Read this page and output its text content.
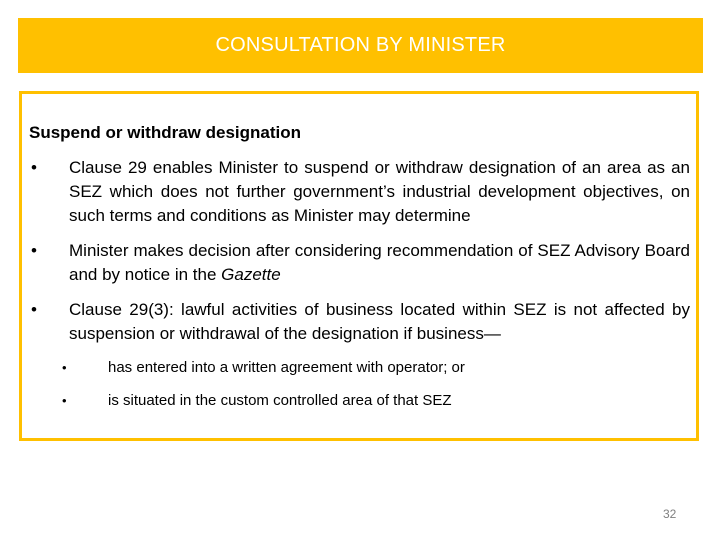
CONSULTATION BY MINISTER
Suspend or withdraw designation
• Clause 29 enables Minister to suspend or withdraw designation of an area as an SEZ which does not further government’s industrial development objectives, on such terms and conditions as Minister may determine
• Minister makes decision after considering recommendation of SEZ Advisory Board and by notice in the Gazette
• Clause 29(3): lawful activities of business located within SEZ is not affected by suspension or withdrawal of the designation if business—
•	has entered into a written agreement with operator; or
•	is situated in the custom controlled area of that SEZ
32
